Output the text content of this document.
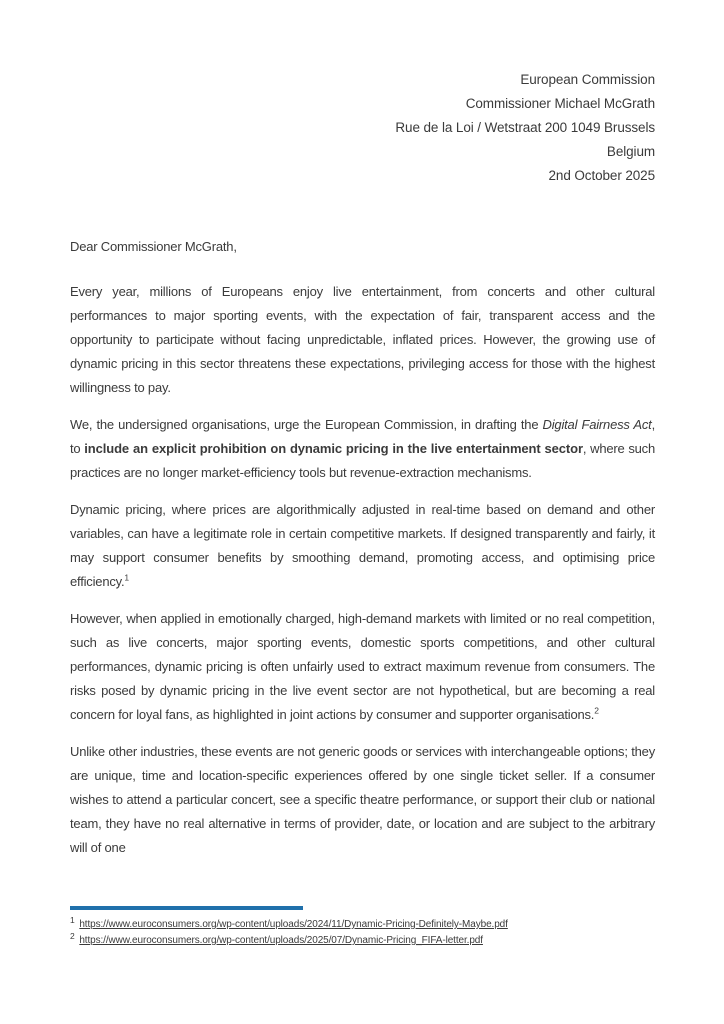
European Commission
Commissioner Michael McGrath
Rue de la Loi / Wetstraat 200 1049 Brussels
Belgium
2nd October 2025
Dear Commissioner McGrath,

Every year, millions of Europeans enjoy live entertainment, from concerts and other cultural performances to major sporting events, with the expectation of fair, transparent access and the opportunity to participate without facing unpredictable, inflated prices. However, the growing use of dynamic pricing in this sector threatens these expectations, privileging access for those with the highest willingness to pay.

We, the undersigned organisations, urge the European Commission, in drafting the Digital Fairness Act, to include an explicit prohibition on dynamic pricing in the live entertainment sector, where such practices are no longer market-efficiency tools but revenue-extraction mechanisms.

Dynamic pricing, where prices are algorithmically adjusted in real-time based on demand and other variables, can have a legitimate role in certain competitive markets. If designed transparently and fairly, it may support consumer benefits by smoothing demand, promoting access, and optimising price efficiency.$^1$

However, when applied in emotionally charged, high-demand markets with limited or no real competition, such as live concerts, major sporting events, domestic sports competitions, and other cultural performances, dynamic pricing is often unfairly used to extract maximum revenue from consumers. The risks posed by dynamic pricing in the live event sector are not hypothetical, but are becoming a real concern for loyal fans, as highlighted in joint actions by consumer and supporter organisations.$^2$

Unlike other industries, these events are not generic goods or services with interchangeable options; they are unique, time and location-specific experiences offered by one single ticket seller. If a consumer wishes to attend a particular concert, see a specific theatre performance, or support their club or national team, they have no real alternative in terms of provider, date, or location and are subject to the arbitrary will of one

$^1$ https://www.euroconsumers.org/wp-content/uploads/2024/11/Dynamic-Pricing-Definitely-Maybe.pdf
$^2$ https://www.euroconsumers.org/wp-content/uploads/2025/07/Dynamic-Pricing_FIFA-letter.pdf
